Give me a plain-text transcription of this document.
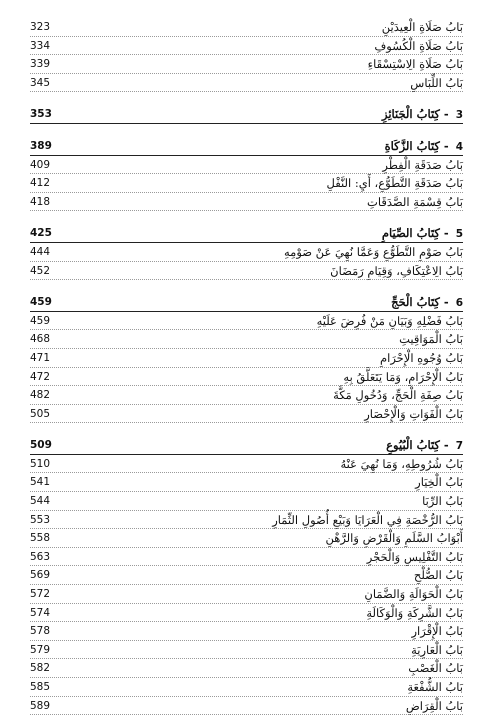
323	بَابُ صَلَاةِ الْعِيدَيْنِ
334	بَابُ صَلَاةِ الْكُسُوفِ
339	بَابُ صَلَاةِ الِاسْتِسْقَاءِ
345	بَابُ اللِّبَاسِ
353	3 - كِتَابُ الْجَنَائِزِ
389	4 - كِتَابُ الزَّكَاةِ
409	بَابُ صَدَقَةِ الْفِطْرِ
412	بَابُ صَدَقَةِ التَّطَوُّعِ، أَيِ: النَّفْلِ
418	بَابُ قِسْمَةِ الصَّدَقَاتِ
425	5 - كِتَابُ الصِّيَامِ
444	بَابُ صَوْمِ التَّطَوُّعِ وَعَمَّا نُهِيَ عَنْ صَوْمِهِ
452	بَابُ الِاعْتِكَافِ، وَقِيَامِ رَمَضَانَ
459	6 - كِتَابُ الْحَجِّ
459	بَابُ فَضْلِهِ وَبَيَانِ مَنْ فُرِضَ عَلَيْهِ
468	بَابُ الْمَوَاقِيتِ
471	بَابُ وُجُوهِ الْإِحْرَامِ
472	بَابُ الْإِحْرَامِ، وَمَا يَتَعَلَّقُ بِهِ
482	بَابُ صِفَةِ الْحَجِّ، وَدُخُولِ مَكَّةَ
505	بَابُ الْفَوَاتِ وَالْإِحْصَارِ
509	7 - كِتَابُ الْبُيُوعِ
510	بَابُ شُرُوطِهِ، وَمَا نُهِيَ عَنْهُ
541	بَابُ الْخِيَارِ
544	بَابُ الرِّبَا
553	بَابُ الرُّخْصَةِ فِي الْعَرَايَا وَبَيْعِ أُصُولِ الثِّمَارِ
558	أَبْوَابُ السَّلَمِ وَالْقَرْضِ وَالرَّهْنِ
563	بَابُ التَّفْلِيسِ وَالْحَجْرِ
569	بَابُ الصُّلْحِ
572	بَابُ الْحَوَالَةِ وَالضَّمَانِ
574	بَابُ الشَّرِكَةِ وَالْوَكَالَةِ
578	بَابُ الْإِقْرَارِ
579	بَابُ الْعَارِيَةِ
582	بَابُ الْغَصْبِ
585	بَابُ الشُّفْعَةِ
589	بَابُ الْقِرَاضِ
